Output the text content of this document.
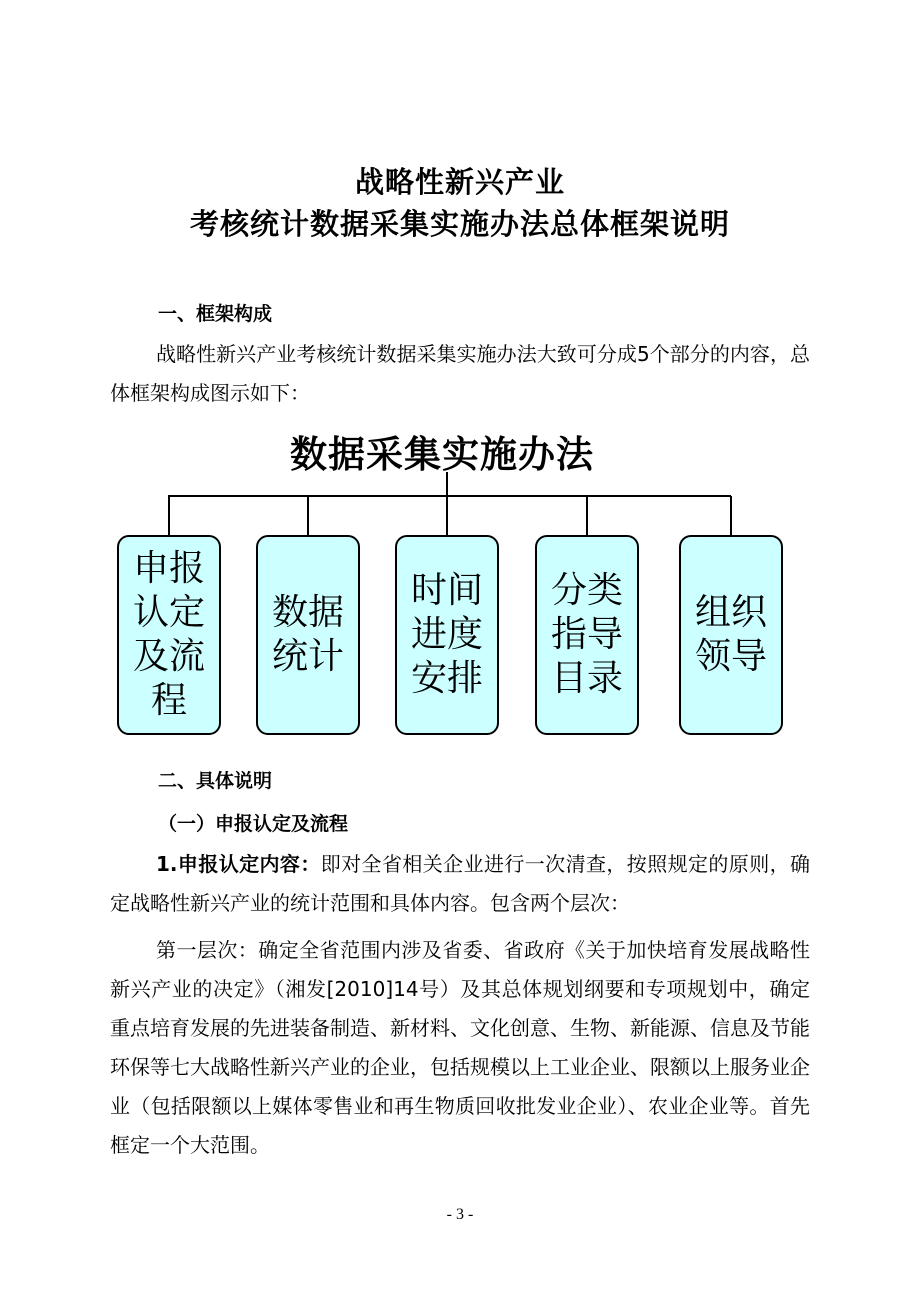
战略性新兴产业
考核统计数据采集实施办法总体框架说明
一、框架构成
战略性新兴产业考核统计数据采集实施办法大致可分成5个部分的内容，总体框架构成图示如下：
数据采集实施办法
申报认定及流程
数据统计
时间进度安排
分类指导目录
组织领导
二、具体说明
（一）申报认定及流程
1.申报认定内容：即对全省相关企业进行一次清查，按照规定的原则，确定战略性新兴产业的统计范围和具体内容。包含两个层次：
第一层次：确定全省范围内涉及省委、省政府《关于加快培育发展战略性新兴产业的决定》（湘发[2010]14号）及其总体规划纲要和专项规划中，确定重点培育发展的先进装备制造、新材料、文化创意、生物、新能源、信息及节能环保等七大战略性新兴产业的企业，包括规模以上工业企业、限额以上服务业企业（包括限额以上媒体零售业和再生物质回收批发业企业）、农业企业等。首先框定一个大范围。
- 3 -
